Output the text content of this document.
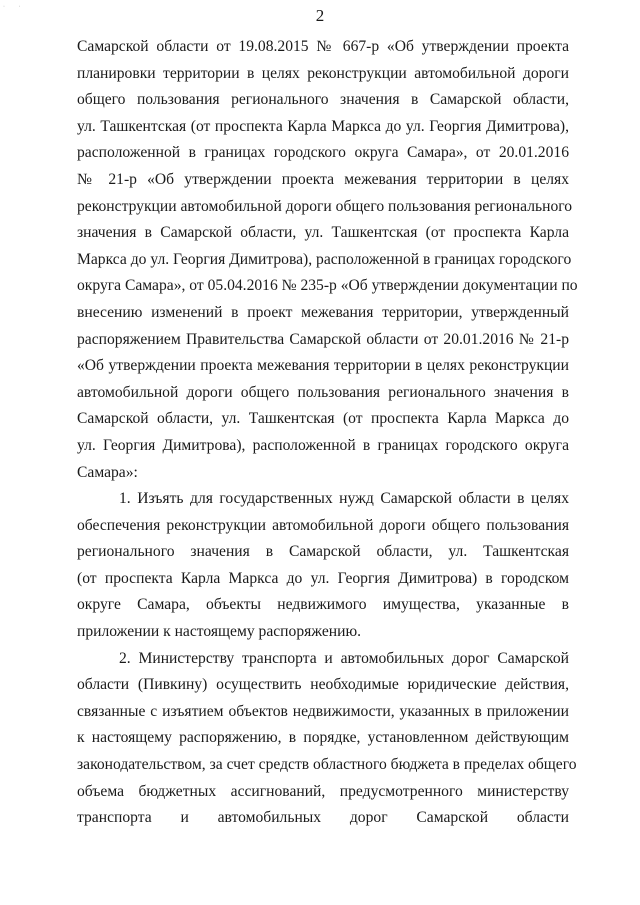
· ·	2
Самарской области от 19.08.2015 № 667-р «Об утверждении проекта
планировки территории в целях реконструкции автомобильной дороги
общего пользования регионального значения в Самарской области,
ул. Ташкентская (от проспекта Карла Маркса до ул. Георгия Димитрова),
расположенной в границах городского округа Самара», от 20.01.2016
№ 21-р «Об утверждении проекта межевания территории в целях
реконструкции автомобильной дороги общего пользования регионального
значения в Самарской области, ул. Ташкентская (от проспекта Карла
Маркса до ул. Георгия Димитрова), расположенной в границах городского
округа Самара», от 05.04.2016 № 235-р «Об утверждении документации по
внесению изменений в проект межевания территории, утвержденный
распоряжением Правительства Самарской области от 20.01.2016 № 21-р
«Об утверждении проекта межевания территории в целях реконструкции
автомобильной дороги общего пользования регионального значения в
Самарской области, ул. Ташкентская (от проспекта Карла Маркса до
ул. Георгия Димитрова), расположенной в границах городского округа
Самара»:
1. Изъять для государственных нужд Самарской области в целях
обеспечения реконструкции автомобильной дороги общего пользования
регионального значения в Самарской области, ул. Ташкентская
(от проспекта Карла Маркса до ул. Георгия Димитрова) в городском
округе Самара, объекты недвижимого имущества, указанные в
приложении к настоящему распоряжению.
2. Министерству транспорта и автомобильных дорог Самарской
области (Пивкину) осуществить необходимые юридические действия,
связанные с изъятием объектов недвижимости, указанных в приложении
к настоящему распоряжению, в порядке, установленном действующим
законодательством, за счет средств областного бюджета в пределах общего
объема бюджетных ассигнований, предусмотренного министерству
транспорта и автомобильных дорог Самарской области
